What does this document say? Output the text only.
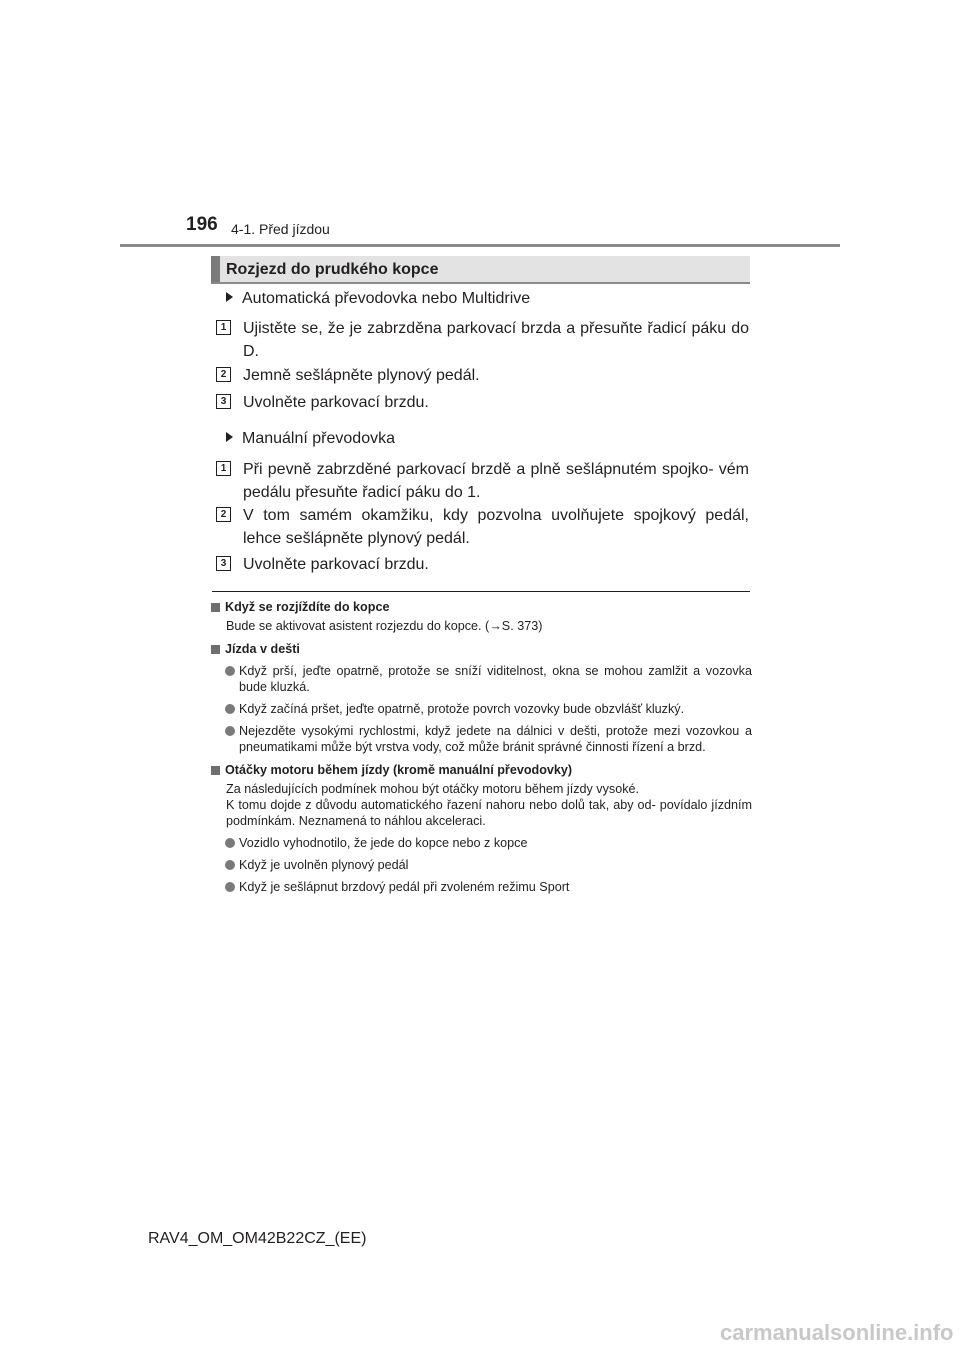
196 4-1. Před jízdou
Rozjezd do prudkého kopce
Automatická převodovka nebo Multidrive
1 Ujistěte se, že je zabrzděna parkovací brzda a přesuňte řadicí páku do D.

2 Jemně sešlápněte plynový pedál.

3 Uvolněte parkovací brzdu.

Manuální převodovka
1 Při pevně zabrzděné parkovací brzdě a plně sešlápnutém spojko- vém pedálu přesuňte řadicí páku do 1.

2 V tom samém okamžiku, kdy pozvolna uvolňujete spojkový pedál, lehce sešlápněte plynový pedál.

3 Uvolněte parkovací brzdu.

Když se rozjíždíte do kopce

Bude se aktivovat asistent rozjezdu do kopce. (→S. 373)

Jízda v dešti
Když prší, jeďte opatrně, protože se sníží viditelnost, okna se mohou zamlžit a vozovka bude kluzká.
Když začíná pršet, jeďte opatrně, protože povrch vozovky bude obzvlášť kluzký.
Nejezděte vysokými rychlostmi, když jedete na dálnici v dešti, protože mezi vozovkou a pneumatikami může být vrstva vody, což může bránit správné činnosti řízení a brzd.
Otáčky motoru během jízdy (kromě manuální převodovky)

Za následujících podmínek mohou být otáčky motoru během jízdy vysoké.

K tomu dojde z důvodu automatického řazení nahoru nebo dolů tak, aby od- povídalo jízdním podmínkám. Neznamená to náhlou akceleraci.

Vozidlo vyhodnotilo, že jede do kopce nebo z kopce
Když je uvolněn plynový pedál
Když je sešlápnut brzdový pedál při zvoleném režimu Sport
RAV4_OM_OM42B22CZ_(EE)
carmanualsonline.info
